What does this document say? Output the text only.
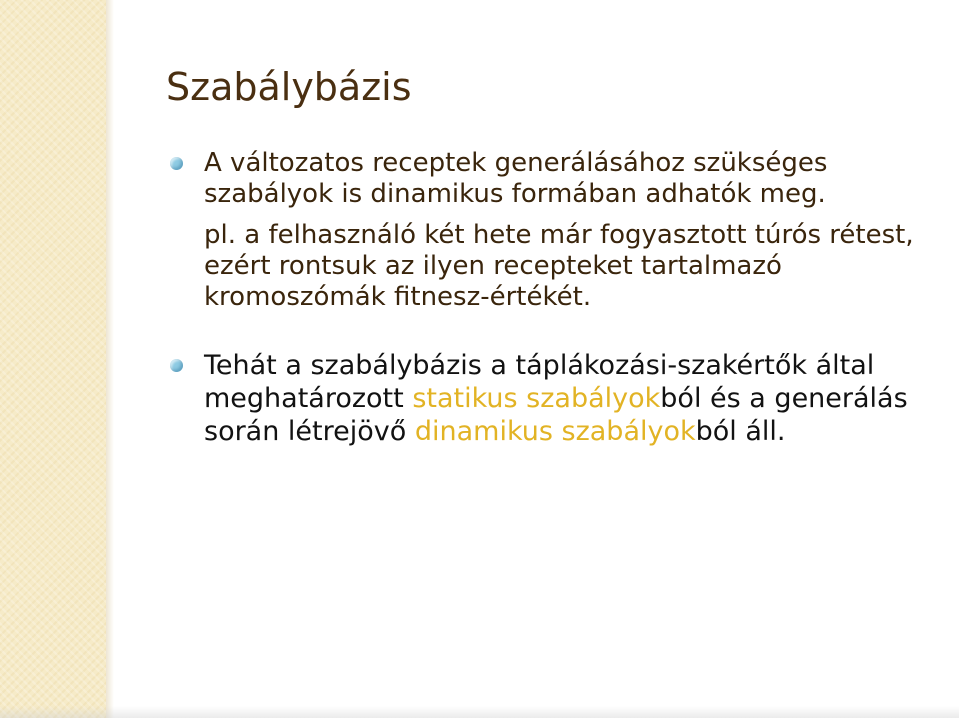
Szabálybázis

A változatos receptek generálásához szükséges szabályok is dinamikus formában adhatók meg.

pl. a felhasználó két hete már fogyasztott túrós rétest, ezért rontsuk az ilyen recepteket tartalmazó kromoszómák fitnesz-értékét.

Tehát a szabálybázis a táplákozási-szakértők által meghatározott statikus szabályokból és a generálás során létrejövő dinamikus szabályokból áll.
